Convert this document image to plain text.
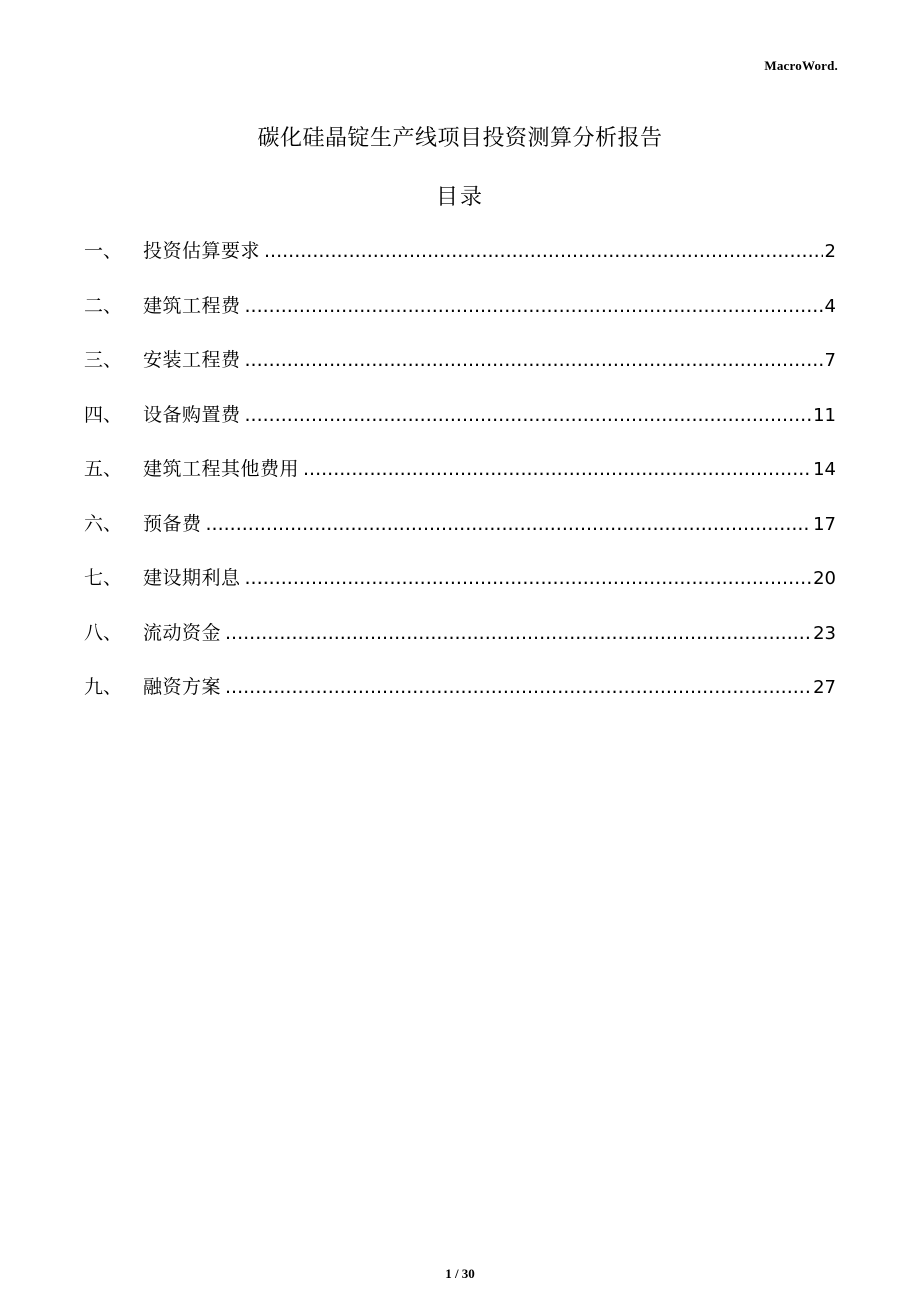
MacroWord.
碳化硅晶锭生产线项目投资测算分析报告
目录
一、	投资估算要求 .....	2
二、	建筑工程费 .....	4
三、	安装工程费 .....	7
四、	设备购置费 .....	11
五、	建筑工程其他费用 .....	14
六、	预备费 .....	17
七、	建设期利息 .....	20
八、	流动资金 .....	23
九、	融资方案 .....	27
1 / 30
